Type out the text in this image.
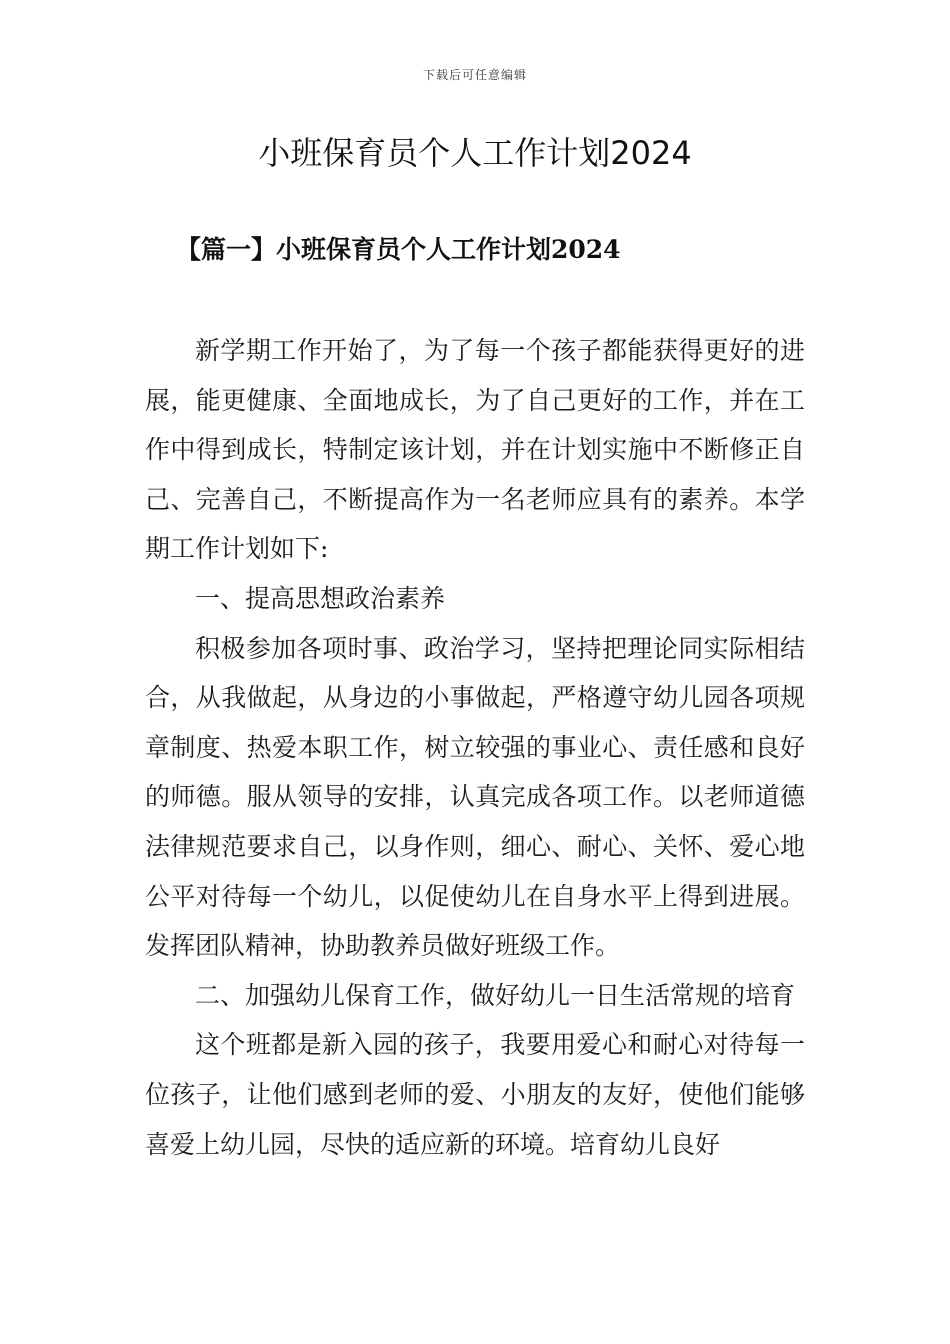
下载后可任意编辑
小班保育员个人工作计划2024
【篇一】小班保育员个人工作计划2024

新学期工作开始了，为了每一个孩子都能获得更好的进展，能更健康、全面地成长，为了自己更好的工作，并在工作中得到成长，特制定该计划，并在计划实施中不断修正自己、完善自己，不断提高作为一名老师应具有的素养。本学期工作计划如下:

一、提高思想政治素养

积极参加各项时事、政治学习，坚持把理论同实际相结合，从我做起，从身边的小事做起，严格遵守幼儿园各项规章制度、热爱本职工作，树立较强的事业心、责任感和良好的师德。服从领导的安排，认真完成各项工作。以老师道德法律规范要求自己，以身作则，细心、耐心、关怀、爱心地公平对待每一个幼儿，以促使幼儿在自身水平上得到进展。发挥团队精神，协助教养员做好班级工作。

二、加强幼儿保育工作，做好幼儿一日生活常规的培育

这个班都是新入园的孩子，我要用爱心和耐心对待每一位孩子，让他们感到老师的爱、小朋友的友好，使他们能够喜爱上幼儿园，尽快的适应新的环境。培育幼儿良好
